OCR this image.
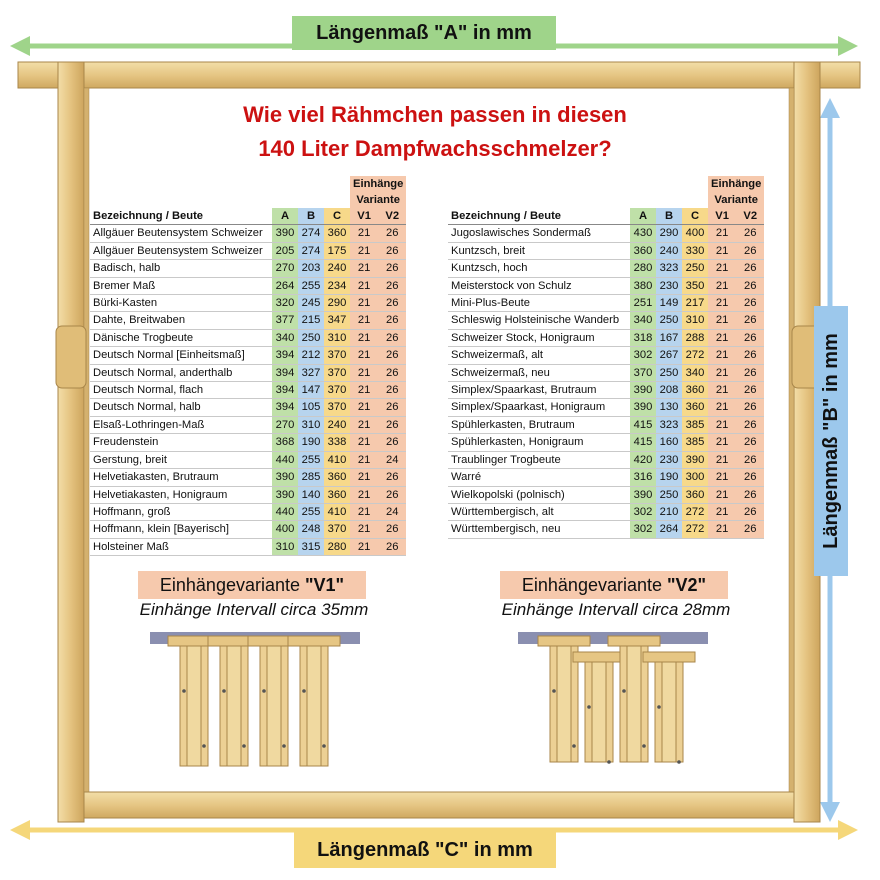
Längenmaß "A" in mm
Längenmaß "C" in mm
Längenmaß "B" in mm
Wie viel Rähmchen passen in diesen
140 Liter Dampfwachsschmelzer?
				Einhänge
Variante	
Bezeichnung / Beute	A	B	C	V1	V2
Allgäuer Beutensystem Schweizer	390	274	360	21	26
Allgäuer Beutensystem Schweizer	205	274	175	21	26
Badisch, halb	270	203	240	21	26
Bremer Maß	264	255	234	21	26
Bürki-Kasten	320	245	290	21	26
Dahte, Breitwaben	377	215	347	21	26
Dänische Trogbeute	340	250	310	21	26
Deutsch Normal [Einheitsmaß]	394	212	370	21	26
Deutsch Normal, anderthalb	394	327	370	21	26
Deutsch Normal, flach	394	147	370	21	26
Deutsch Normal, halb	394	105	370	21	26
Elsaß-Lothringen-Maß	270	310	240	21	26
Freudenstein	368	190	338	21	26
Gerstung, breit	440	255	410	21	24
Helvetiakasten, Brutraum	390	285	360	21	26
Helvetiakasten, Honigraum	390	140	360	21	26
Hoffmann, groß	440	255	410	21	24
Hoffmann, klein [Bayerisch]	400	248	370	21	26
Holsteiner Maß	310	315	280	21	26
				Einhänge
Variante	
Bezeichnung / Beute	A	B	C	V1	V2
Jugoslawisches Sondermaß	430	290	400	21	26
Kuntzsch, breit	360	240	330	21	26
Kuntzsch, hoch	280	323	250	21	26
Meisterstock von Schulz	380	230	350	21	26
Mini-Plus-Beute	251	149	217	21	26
Schleswig Holsteinische Wanderb	340	250	310	21	26
Schweizer Stock, Honigraum	318	167	288	21	26
Schweizermaß, alt	302	267	272	21	26
Schweizermaß, neu	370	250	340	21	26
Simplex/Spaarkast, Brutraum	390	208	360	21	26
Simplex/Spaarkast, Honigraum	390	130	360	21	26
Spühlerkasten, Brutraum	415	323	385	21	26
Spühlerkasten, Honigraum	415	160	385	21	26
Traublinger Trogbeute	420	230	390	21	26
Warré	316	190	300	21	26
Wielkopolski (polnisch)	390	250	360	21	26
Württembergisch, alt	302	210	272	21	26
Württembergisch, neu	302	264	272	21	26
Einhängevariante "V1"
Einhänge Intervall circa 35mm
Einhängevariante "V2"
Einhänge Intervall circa 28mm
